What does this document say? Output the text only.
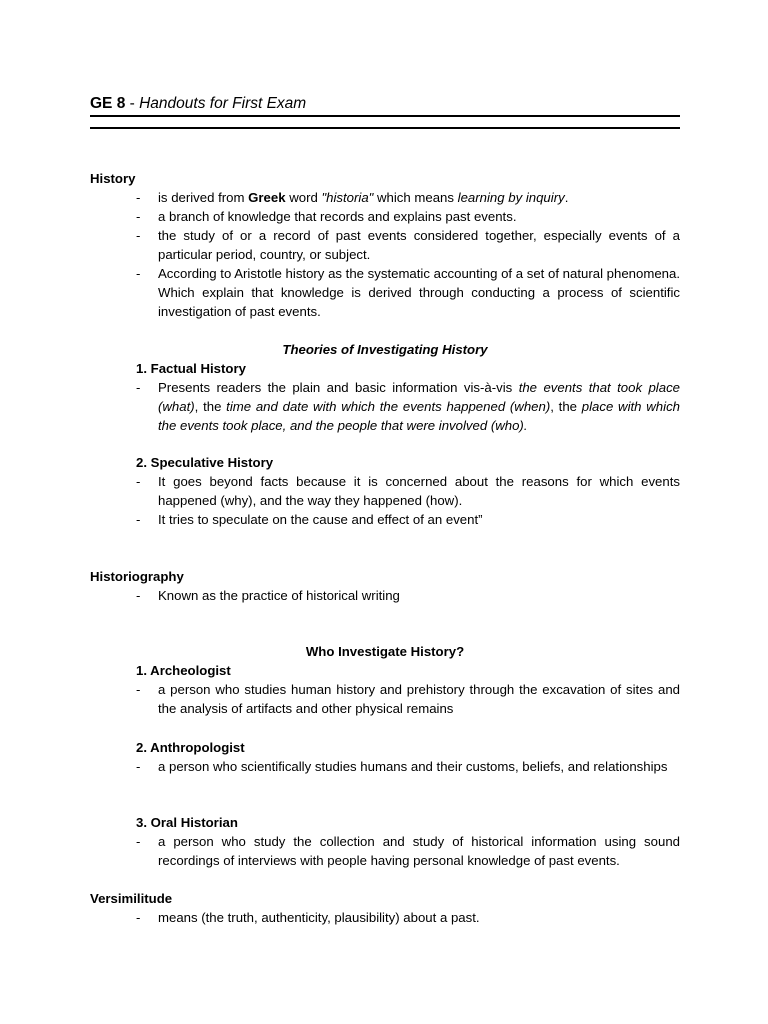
GE 8 - Handouts for First Exam
History
- is derived from Greek word "historia" which means learning by inquiry.
- a branch of knowledge that records and explains past events.
- the study of or a record of past events considered together, especially events of a particular period, country, or subject.
- According to Aristotle history as the systematic accounting of a set of natural phenomena. Which explain that knowledge is derived through conducting a process of scientific investigation of past events.
Theories of Investigating History
1. Factual History
- Presents readers the plain and basic information vis-à-vis the events that took place (what), the time and date with which the events happened (when), the place with which the events took place, and the people that were involved (who).
2. Speculative History
- It goes beyond facts because it is concerned about the reasons for which events happened (why), and the way they happened (how).
- It tries to speculate on the cause and effect of an event”
Historiography
- Known as the practice of historical writing
Who Investigate History?
1. Archeologist
- a person who studies human history and prehistory through the excavation of sites and the analysis of artifacts and other physical remains
2. Anthropologist
- a person who scientifically studies humans and their customs, beliefs, and relationships
3. Oral Historian
- a person who study the collection and study of historical information using sound recordings of interviews with people having personal knowledge of past events.
Versimilitude
- means (the truth, authenticity, plausibility) about a past.
